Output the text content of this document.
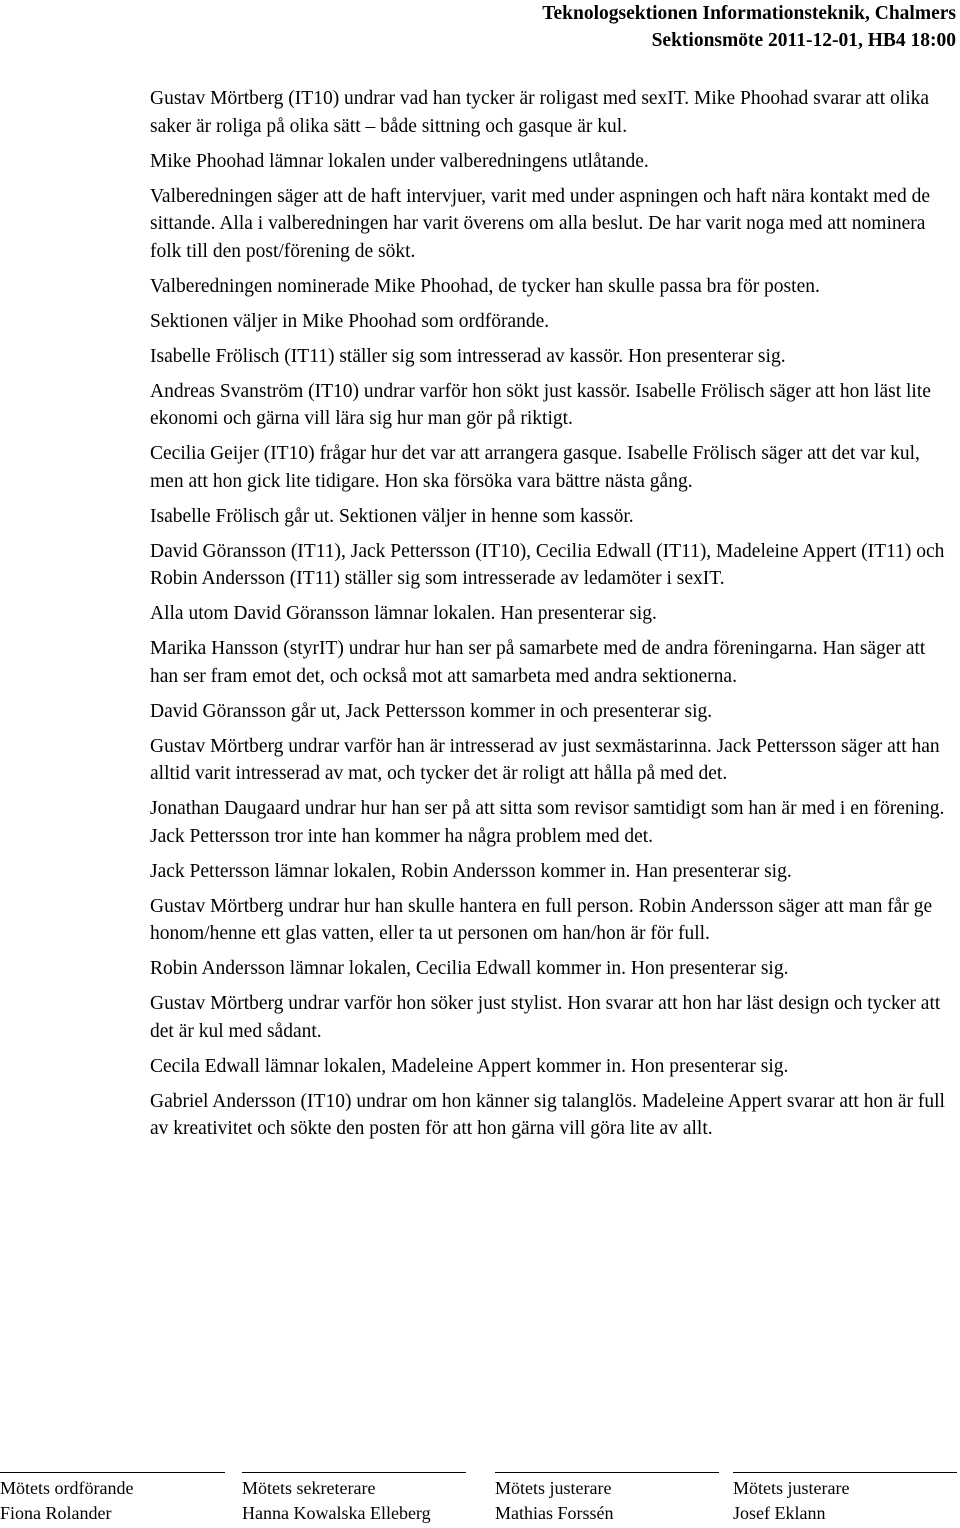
Teknologsektionen Informationsteknik, Chalmers
Sektionsmöte 2011-12-01, HB4 18:00

Gustav Mörtberg (IT10) undrar vad han tycker är roligast med sexIT. Mike Phoohad svarar att olika saker är roliga på olika sätt – både sittning och gasque är kul.

Mike Phoohad lämnar lokalen under valberedningens utlåtande.

Valberedningen säger att de haft intervjuer, varit med under aspningen och haft nära kontakt med de sittande. Alla i valberedningen har varit överens om alla beslut. De har varit noga med att nominera folk till den post/förening de sökt.

Valberedningen nominerade Mike Phoohad, de tycker han skulle passa bra för posten.

Sektionen väljer in Mike Phoohad som ordförande.

Isabelle Frölisch (IT11) ställer sig som intresserad av kassör. Hon presenterar sig.

Andreas Svanström (IT10) undrar varför hon sökt just kassör. Isabelle Frölisch säger att hon läst lite ekonomi och gärna vill lära sig hur man gör på riktigt.

Cecilia Geijer (IT10) frågar hur det var att arrangera gasque. Isabelle Frölisch säger att det var kul, men att hon gick lite tidigare. Hon ska försöka vara bättre nästa gång.

Isabelle Frölisch går ut. Sektionen väljer in henne som kassör.

David Göransson (IT11), Jack Pettersson (IT10), Cecilia Edwall (IT11), Madeleine Appert (IT11) och Robin Andersson (IT11) ställer sig som intresserade av ledamöter i sexIT.

Alla utom David Göransson lämnar lokalen. Han presenterar sig.

Marika Hansson (styrIT) undrar hur han ser på samarbete med de andra föreningarna. Han säger att han ser fram emot det, och också mot att samarbeta med andra sektionerna.

David Göransson går ut, Jack Pettersson kommer in och presenterar sig.

Gustav Mörtberg undrar varför han är intresserad av just sexmästarinna. Jack Pettersson säger att han alltid varit intresserad av mat, och tycker det är roligt att hålla på med det.

Jonathan Daugaard undrar hur han ser på att sitta som revisor samtidigt som han är med i en förening. Jack Pettersson tror inte han kommer ha några problem med det.

Jack Pettersson lämnar lokalen, Robin Andersson kommer in. Han presenterar sig.

Gustav Mörtberg undrar hur han skulle hantera en full person. Robin Andersson säger att man får ge honom/henne ett glas vatten, eller ta ut personen om han/hon är för full.

Robin Andersson lämnar lokalen, Cecilia Edwall kommer in. Hon presenterar sig.

Gustav Mörtberg undrar varför hon söker just stylist. Hon svarar att hon har läst design och tycker att det är kul med sådant.

Cecila Edwall lämnar lokalen, Madeleine Appert kommer in. Hon presenterar sig.

Gabriel Andersson (IT10) undrar om hon känner sig talanglös. Madeleine Appert svarar att hon är full av kreativitet och sökte den posten för att hon gärna vill göra lite av allt.

Mötets ordförande
Fiona Rolander
Mötets sekreterare
Hanna Kowalska Elleberg
Mötets justerare
Mathias Forssén
Mötets justerare
Josef Eklann
